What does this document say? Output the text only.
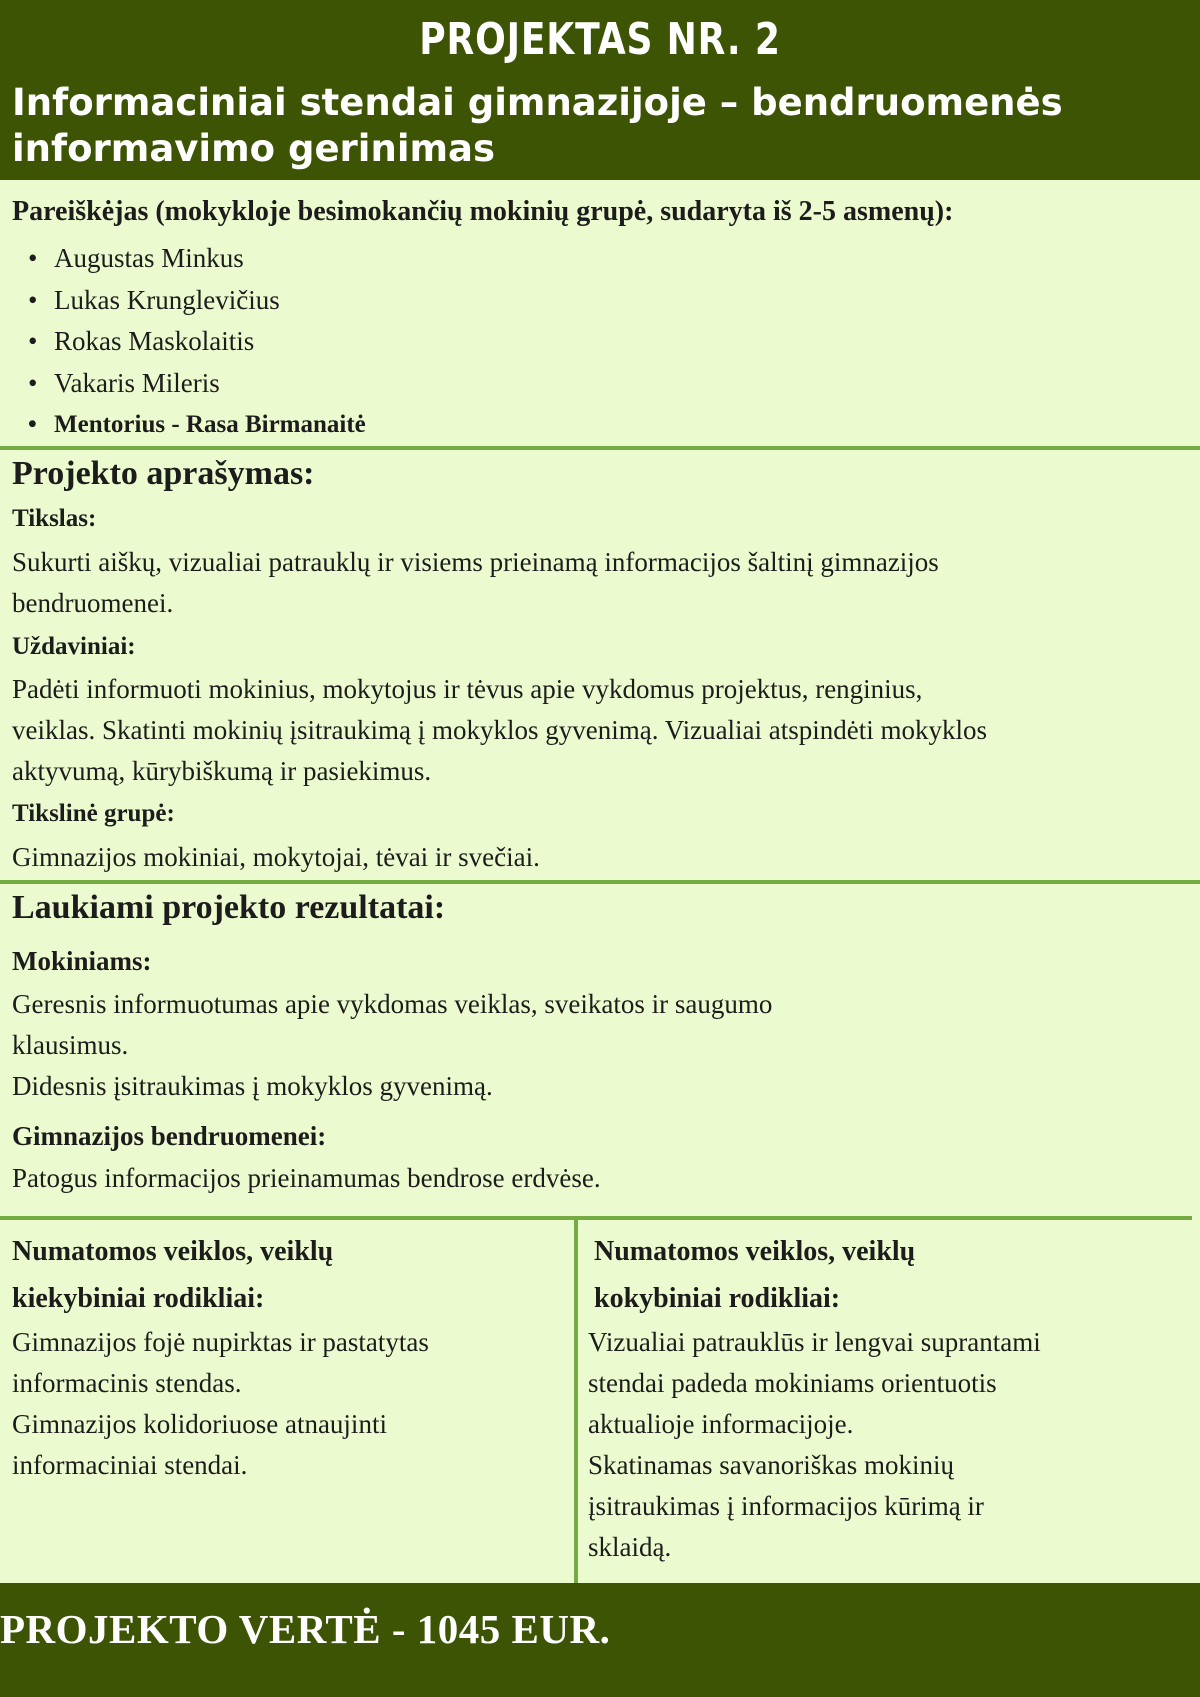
PROJEKTAS NR. 2
Informaciniai stendai gimnazijoje – bendruomenės
informavimo gerinimas
Pareiškėjas (mokykloje besimokančių mokinių grupė, sudaryta iš 2-5 asmenų):
• Augustas Minkus
• Lukas Krunglevičius
• Rokas Maskolaitis
• Vakaris Mileris
• Mentorius - Rasa Birmanaitė
Projekto aprašymas:
Tikslas:
Sukurti aiškų, vizualiai patrauklų ir visiems prieinamą informacijos šaltinį gimnazijos
bendruomenei.
Uždaviniai:
Padėti informuoti mokinius, mokytojus ir tėvus apie vykdomus projektus, renginius,
veiklas. Skatinti mokinių įsitraukimą į mokyklos gyvenimą. Vizualiai atspindėti mokyklos
aktyvumą, kūrybiškumą ir pasiekimus.
Tikslinė grupė:
Gimnazijos mokiniai, mokytojai, tėvai ir svečiai.
Laukiami projekto rezultatai:
Mokiniams:
Geresnis informuotumas apie vykdomas veiklas, sveikatos ir saugumo
klausimus.
Didesnis įsitraukimas į mokyklos gyvenimą.
Gimnazijos bendruomenei:
Patogus informacijos prieinamumas bendrose erdvėse.
Numatomos veiklos, veiklų
kiekybiniai rodikliai:
Gimnazijos fojė nupirktas ir pastatytas
informacinis stendas.
Gimnazijos kolidoriuose atnaujinti
informaciniai stendai.
Numatomos veiklos, veiklų
kokybiniai rodikliai:
Vizualiai patrauklūs ir lengvai suprantami
stendai padeda mokiniams orientuotis
aktualioje informacijoje.
Skatinamas savanoriškas mokinių
įsitraukimas į informacijos kūrimą ir
sklaidą.
PROJEKTO VERTĖ - 1045 EUR.
